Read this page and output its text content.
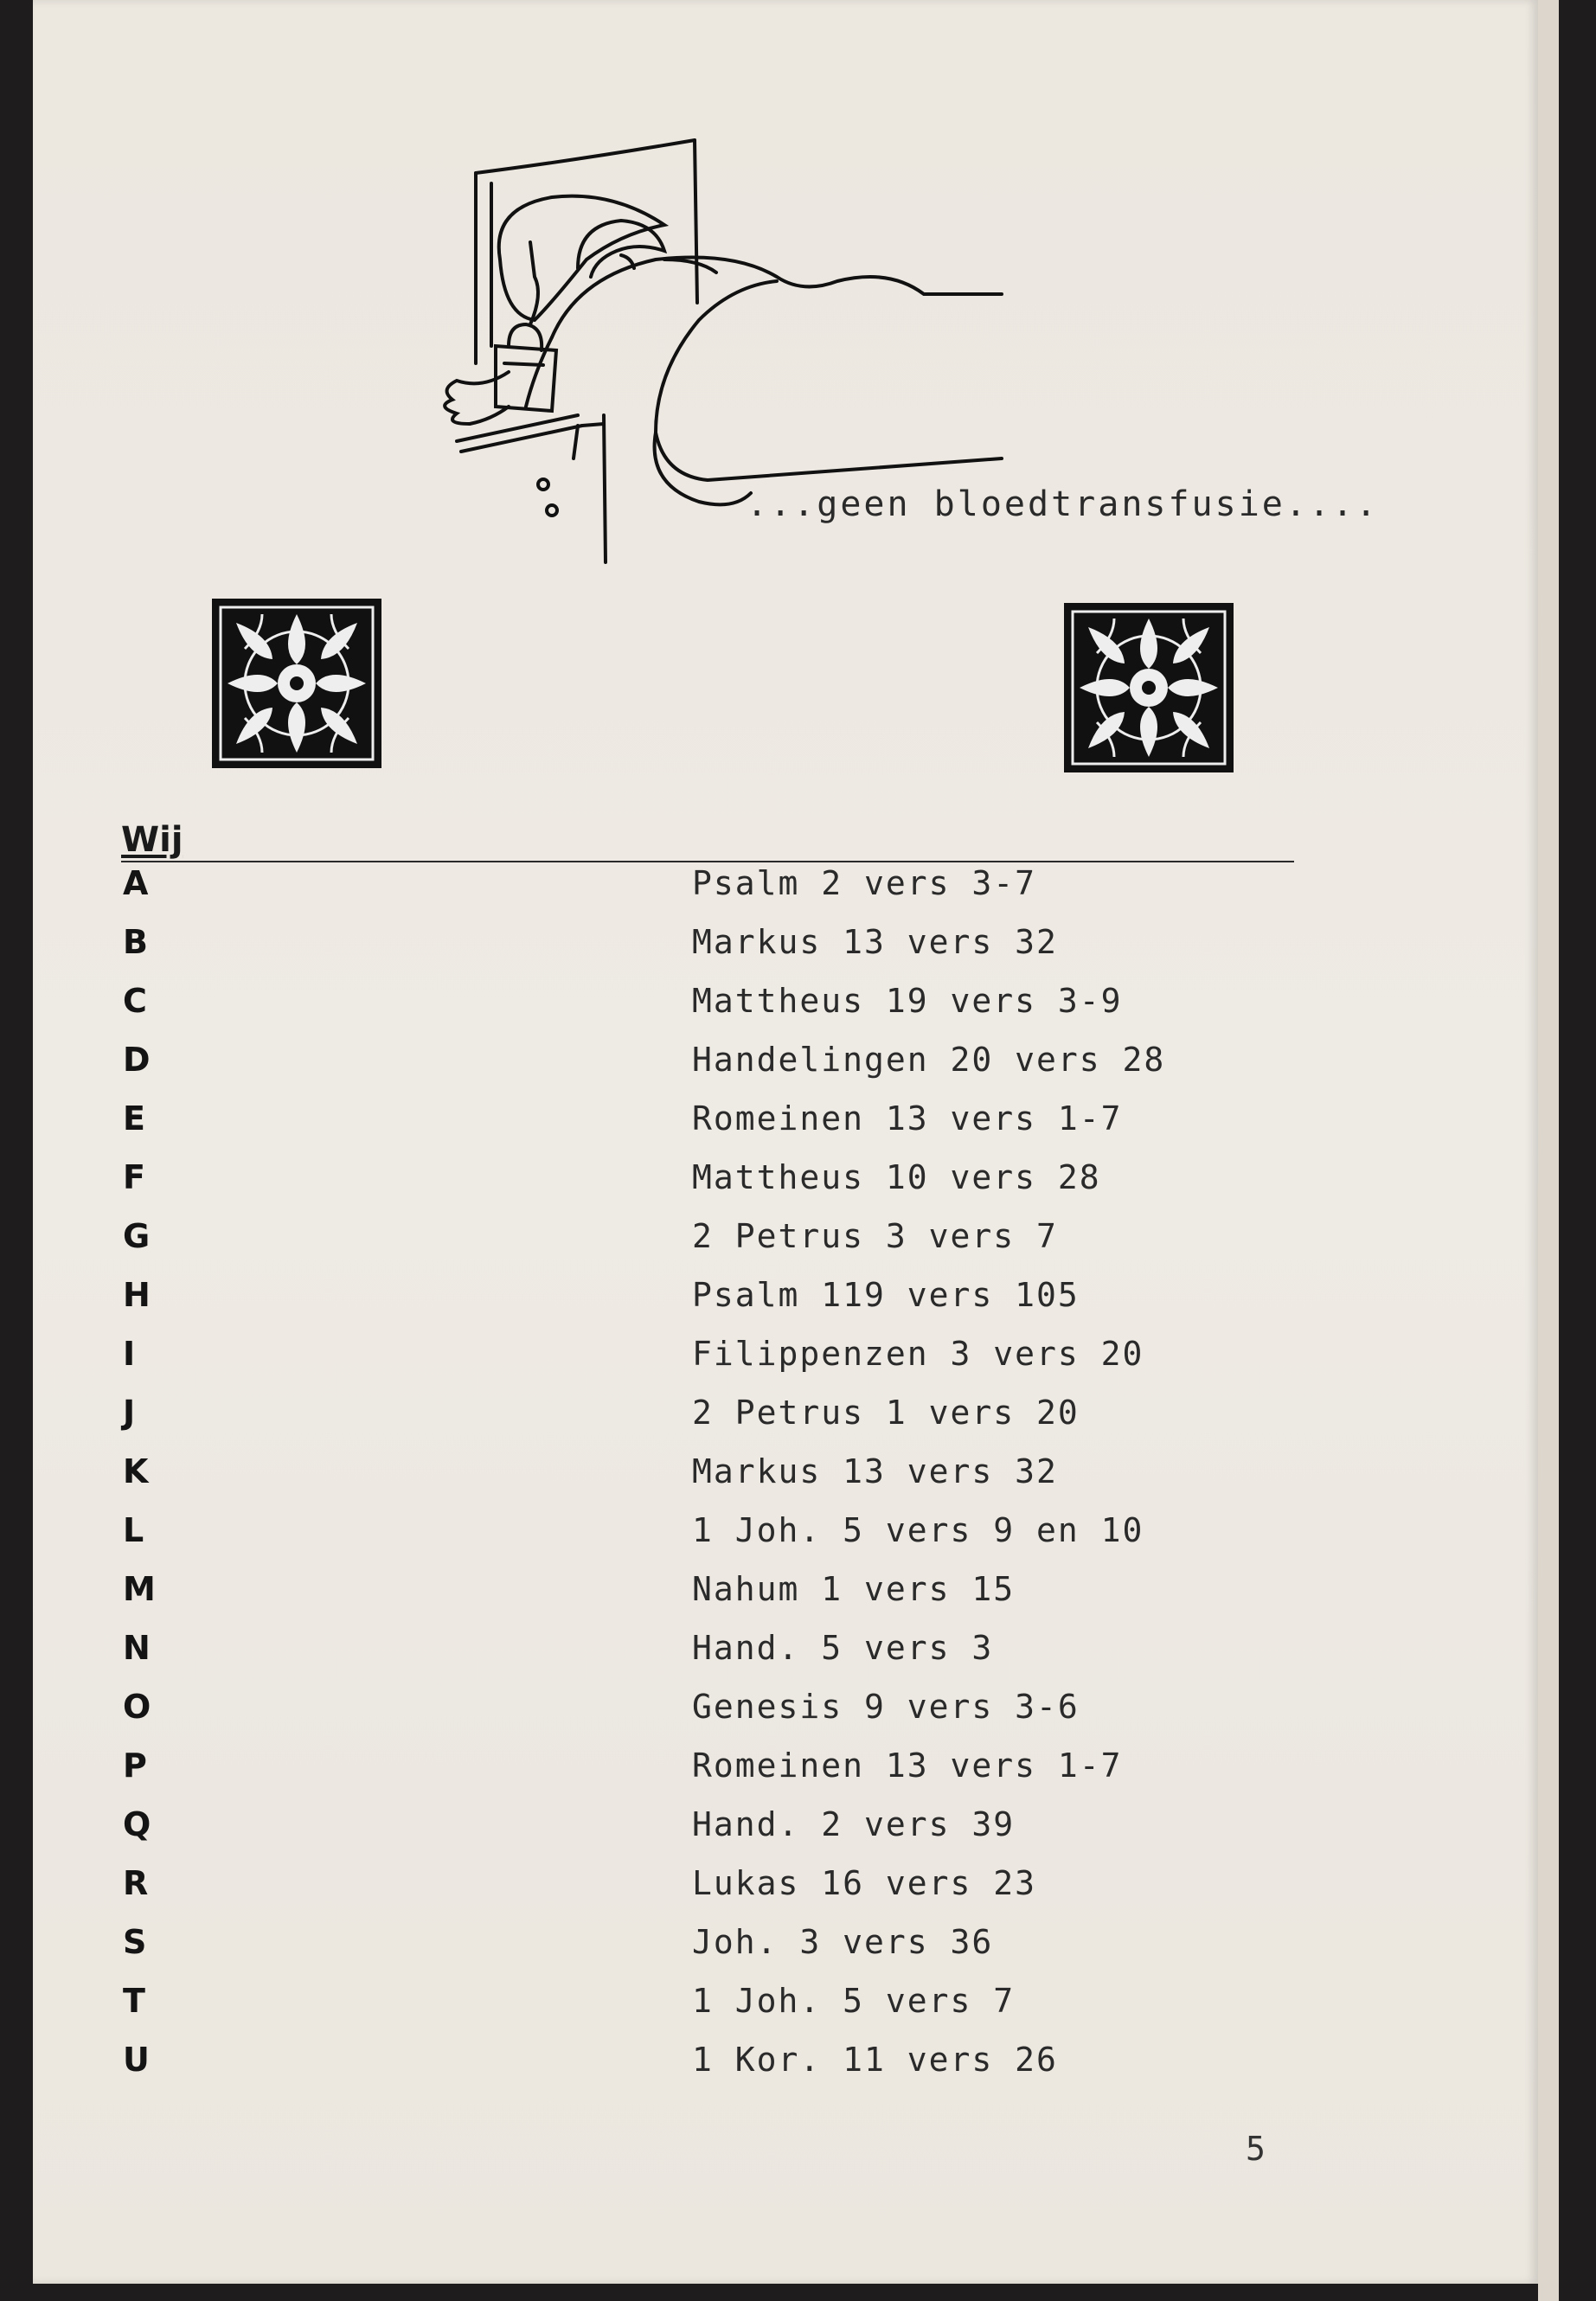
...geen bloedtransfusie....
Wij
A	Psalm 2 vers 3-7
B	Markus 13 vers 32
C	Mattheus 19 vers 3-9
D	Handelingen 20 vers 28
E	Romeinen 13 vers 1-7
F	Mattheus 10 vers 28
G	2 Petrus 3 vers 7
H	Psalm 119 vers 105
I	Filippenzen 3 vers 20
J	2 Petrus 1 vers 20
K	Markus 13 vers 32
L	1 Joh. 5 vers 9 en 10
M	Nahum 1 vers 15
N	Hand. 5 vers 3
O	Genesis 9 vers 3-6
P	Romeinen 13 vers 1-7
Q	Hand. 2 vers 39
R	Lukas 16 vers 23
S	Joh. 3 vers 36
T	1 Joh. 5 vers 7
U	1 Kor. 11 vers 26
5
